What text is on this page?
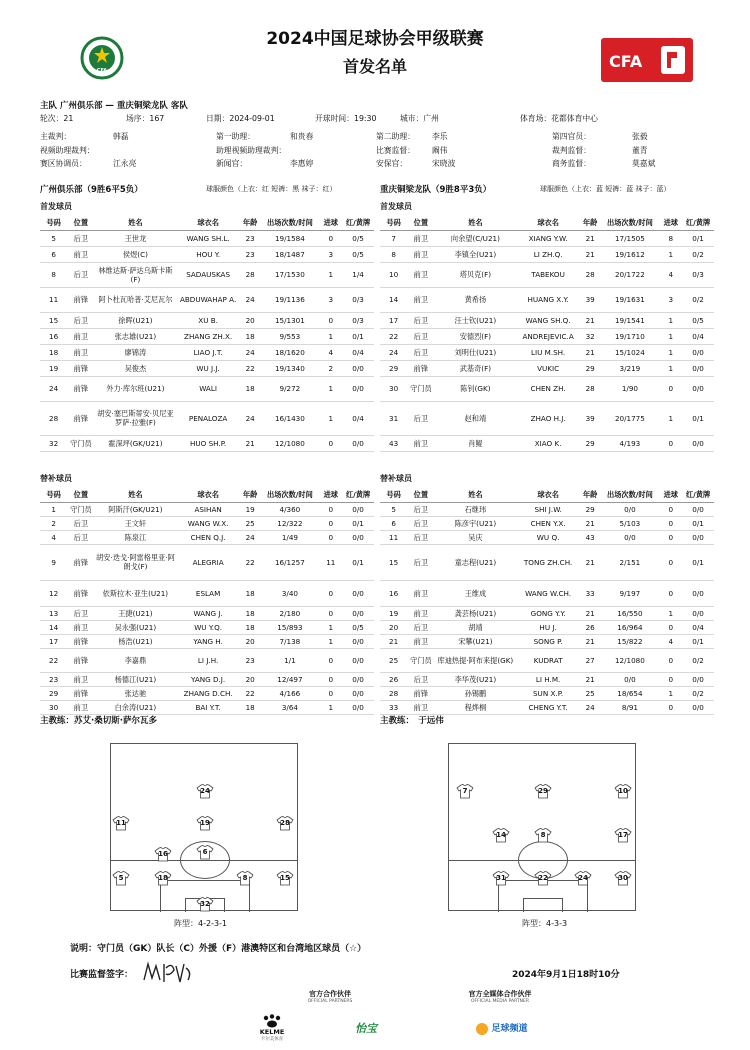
2024中国足球协会甲级联赛
首发名单
CFA	CFA
主队 广州俱乐部 — 重庆铜梁龙队 客队
轮次：21	场序：167	日期：2024-09-01	开球时间：19:30	城市：广州	体育场：花都体育中心
主裁判：	韩磊	第一助理：	和贵春	第二助理： 李乐	第四官员：	张毅
视频助理裁判：	助理视频助理裁判：	比赛监督： 阚伟	裁判监督：	董青
赛区协调员：	江永亮	新闻官：	李惠婷	安保官：	宋晓波	商务监督：	莫嘉斌
广州俱乐部（9胜6平5负）	球服颜色（上衣：红 短裤：黑 袜子：红）	重庆铜梁龙队（9胜8平3负）	球服颜色（上衣：蓝 短裤：蓝 袜子：蓝）
首发球员	首发球员
号码	位置	姓名	球衣名	年龄	出场次数/时间	进球	红/黄牌
5	后卫	王世龙	WANG SH.L.	23	19/1584	0	0/5
6	前卫	侯煜(C)	HOU Y.	23	18/1487	3	0/5
8	后卫	林维达斯·萨达乌斯卡斯(F)	SADAUSKAS	28	17/1530	1	1/4
11	前锋	阿卜杜瓦哈普·艾尼瓦尔	ABDUWAHAP A.	24	19/1136	3	0/3
15	后卫	徐晖(U21)	XU B.	20	15/1301	0	0/3
16	前卫	张志雄(U21)	ZHANG ZH.X.	18	9/553	1	0/1
18	前卫	廖锦涛	LIAO J.T.	24	18/1620	4	0/4
19	前锋	吴俊杰	WU J.J.	22	19/1340	2	0/0
24	前锋	外力·库尔班(U21)	WALI	18	9/272	1	0/0
28	前锋	胡安·塞巴斯蒂安·贝尼亚罗萨·拉雅(F)	PENALOZA	24	16/1430	1	0/4
32	守门员	霍深坪(GK/U21)	HUO SH.P.	21	12/1080	0	0/0
号码	位置	姓名	球衣名	年龄	出场次数/时间	进球	红/黄牌
7	前卫	向余望(C/U21)	XIANG Y.W.	21	17/1505	8	0/1
8	前卫	李镇全(U21)	LI ZH.Q.	21	19/1612	1	0/2
10	前卫	塔贝克(F)	TABEKOU	28	20/1722	4	0/3
14	前卫	黄希扬	HUANG X.Y.	39	19/1631	3	0/2
17	后卫	汪士钦(U21)	WANG SH.Q.	21	19/1541	1	0/5
22	后卫	安德烈(F)	ANDREJEVIC.A	32	19/1710	1	0/4
24	后卫	刘明仕(U21)	LIU M.SH.	21	15/1024	1	0/0
29	前锋	武基奇(F)	VUKIC	29	3/219	1	0/0
30	守门员	陈钊(GK)	CHEN ZH.	28	1/90	0	0/0
31	后卫	赵和靖	ZHAO H.J.	39	20/1775	1	0/1
43	前卫	肖鲲	XIAO K.	29	4/193	0	0/0
替补球员	替补球员
号码	位置	姓名	球衣名	年龄	出场次数/时间	进球	红/黄牌
1	守门员	阿斯汗(GK/U21)	ASIHAN	19	4/360	0	0/0
2	后卫	王文轩	WANG W.X.	25	12/322	0	0/1
4	后卫	陈泉江	CHEN Q.J.	24	1/49	0	0/0
9	前锋	胡安·迭戈·阿雷格里亚·阿朗戈(F)	ALEGRIA	22	16/1257	11	0/1
12	前锋	依斯拉木·亚生(U21)	ESLAM	18	3/40	0	0/0
13	后卫	王捷(U21)	WANG J.	18	2/180	0	0/0
14	前卫	吴永强(U21)	WU Y.Q.	18	15/893	1	0/5
17	前锋	杨浩(U21)	YANG H.	20	7/138	1	0/0
22	前锋	李嘉鼎	LI J.H.	23	1/1	0	0/0
23	前卫	杨德江(U21)	YANG D.J.	20	12/497	0	0/0
29	前锋	张达驰	ZHANG D.CH.	22	4/166	0	0/0
30	前卫	白余涛(U21)	BAI Y.T.	18	3/64	1	0/0
号码	位置	姓名	球衣名	年龄	出场次数/时间	进球	红/黄牌
5	后卫	石继玮	SHI J.W.	29	0/0	0	0/0
6	后卫	陈彦宇(U21)	CHEN Y.X.	21	5/103	0	0/1
11	后卫	吴庆	WU Q.	43	0/0	0	0/0
15	后卫	童志程(U21)	TONG ZH.CH.	21	2/151	0	0/1
16	前卫	王维成	WANG W.CH.	33	9/197	0	0/0
19	前卫	龚芸杨(U21)	GONG Y.Y.	21	16/550	1	0/0
20	后卫	胡靖	HU J.	26	16/964	0	0/4
21	前卫	宋攀(U21)	SONG P.	21	15/822	4	0/1
25	守门员	库迪热提·阿布来提(GK)	KUDRAT	27	12/1080	0	0/2
26	后卫	李华茂(U21)	LI H.M.	21	0/0	0	0/0
28	前锋	孙锡鹏	SUN X.P.	25	18/654	1	0/2
33	前卫	程烨桐	CHENG Y.T.	24	8/91	0	0/0
主教练：苏艾·桑切斯·萨尔瓦多	主教练：　于远伟
24
11	19	28
6
16
5	18	8	15
32
阵型：4-2-3-1
7	29	10
14	8	17
31	22	24	30
阵型：4-3-3
说明：守门员（GK）队长（C）外援（F）港澳特区和台湾地区球员（☆）
比赛监督签字：	2024年9月1日18时10分
官方合作伙伴
OFFICIAL PARTNERS
官方全媒体合作伙伴
OFFICIAL MEDIA PARTNER
KELME
卡尔美体育
怡宝	足球频道
